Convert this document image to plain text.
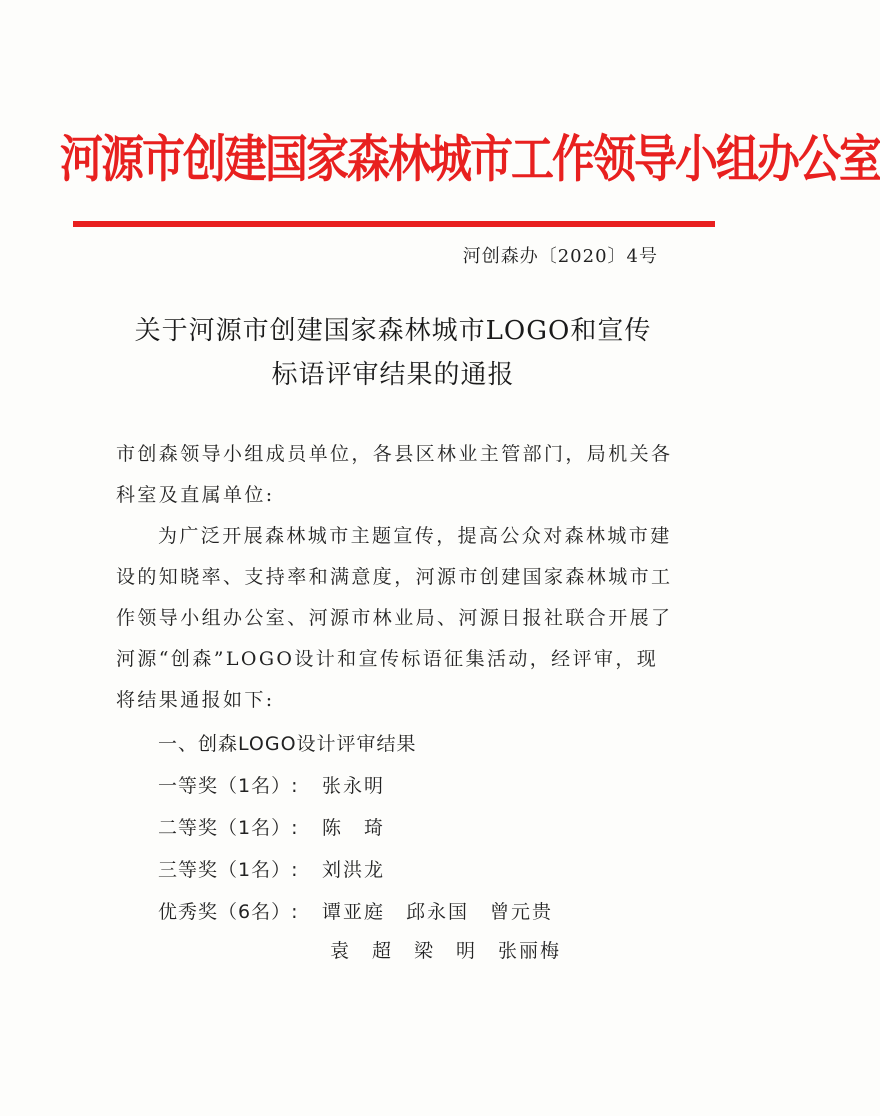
河源市创建国家森林城市工作领导小组办公室
河创森办〔2020〕4号
关于河源市创建国家森林城市LOGO和宣传
标语评审结果的通报
市创森领导小组成员单位，各县区林业主管部门，局机关各科室及直属单位:
为广泛开展森林城市主题宣传，提高公众对森林城市建设的知晓率、支持率和满意度，河源市创建国家森林城市工作领导小组办公室、河源市林业局、河源日报社联合开展了河源“创森”LOGO设计和宣传标语征集活动，经评审，现将结果通报如下:
一、创森LOGO设计评审结果
一等奖（1名）: 张永明
二等奖（1名）: 陈　琦
三等奖（1名）: 刘洪龙
优秀奖（6名）: 谭亚庭　邱永国　曾元贵
袁　超　梁　明　张丽梅
